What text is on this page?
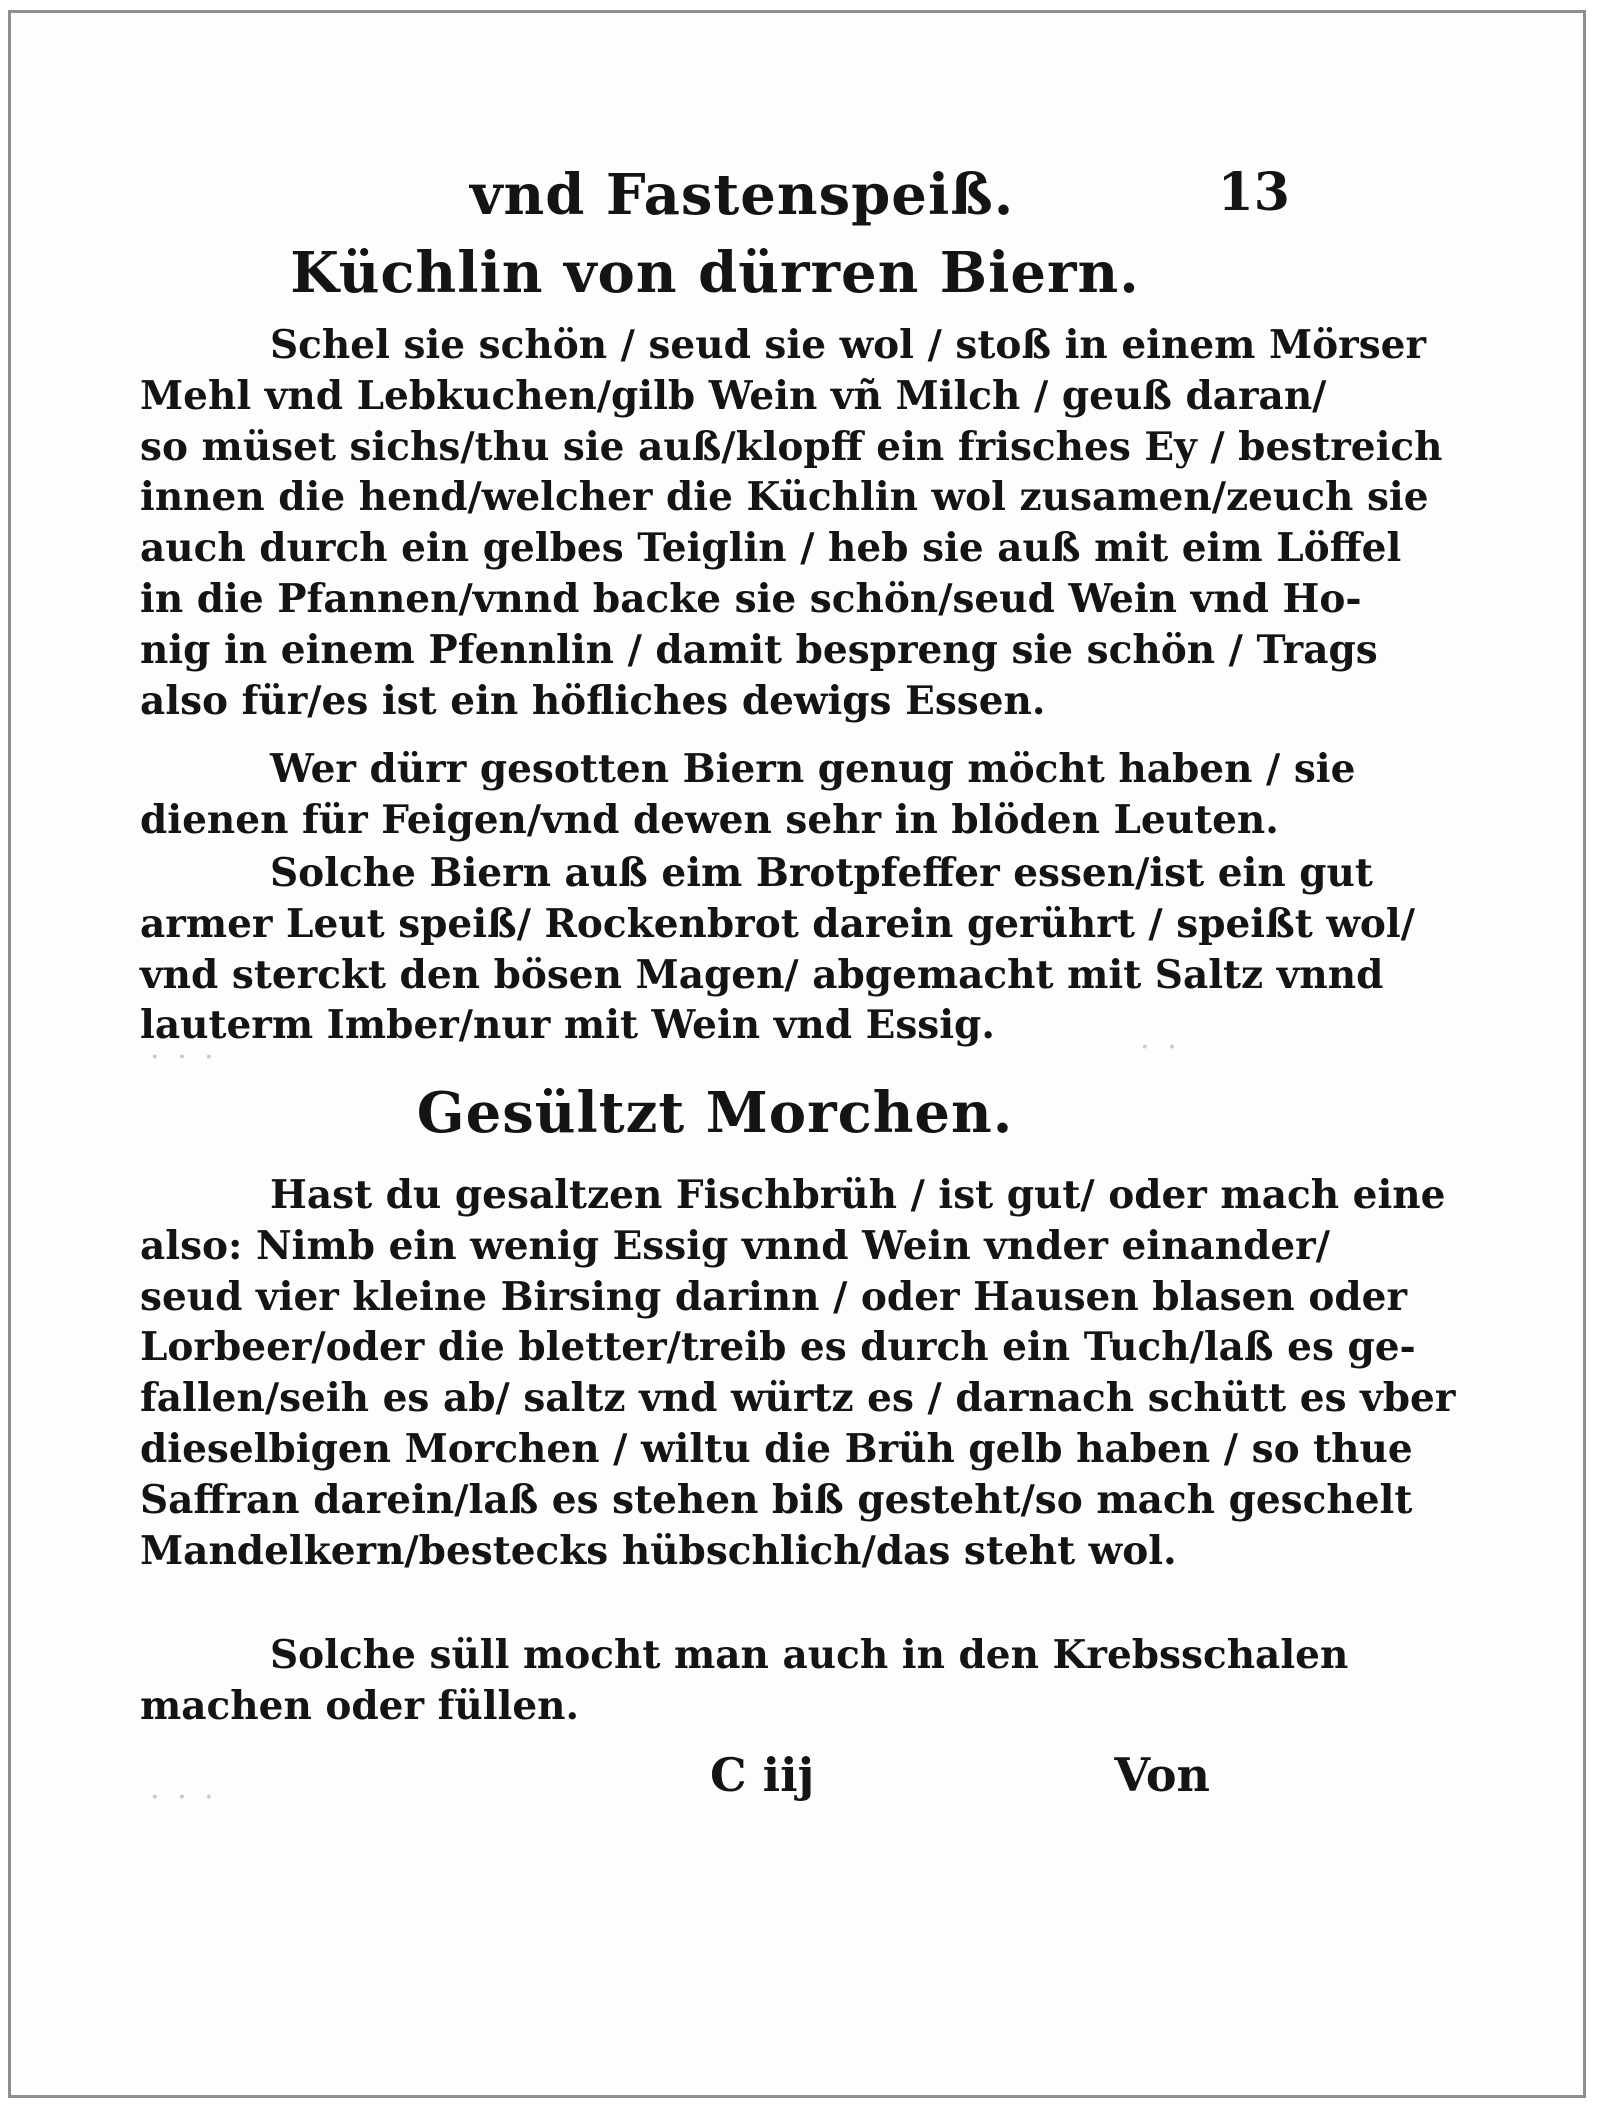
· · ·	· ·
· · ·
vnd Fastenspeiß.	13
Küchlin von dürren Biern.
Schel sie schön / seud sie wol / stoß in einem Mörser
Mehl vnd Lebkuchen/gilb Wein vñ Milch / geuß daran/
so müset sichs/thu sie auß/klopff ein frisches Ey / bestreich
innen die hend/welcher die Küchlin wol zusamen/zeuch sie
auch durch ein gelbes Teiglin / heb sie auß mit eim Löffel
in die Pfannen/vnnd backe sie schön/seud Wein vnd Ho-
nig in einem Pfennlin / damit bespreng sie schön / Trags
also für/es ist ein höfliches dewigs Essen.
Wer dürr gesotten Biern genug möcht haben / sie
dienen für Feigen/vnd dewen sehr in blöden Leuten.
Solche Biern auß eim Brotpfeffer essen/ist ein gut
armer Leut speiß/ Rockenbrot darein gerührt / speißt wol/
vnd sterckt den bösen Magen/ abgemacht mit Saltz vnnd
lauterm Imber/nur mit Wein vnd Essig.
Gesültzt Morchen.
Hast du gesaltzen Fischbrüh / ist gut/ oder mach eine
also: Nimb ein wenig Essig vnnd Wein vnder einander/
seud vier kleine Birsing darinn / oder Hausen blasen oder
Lorbeer/oder die bletter/treib es durch ein Tuch/laß es ge-
fallen/seih es ab/ saltz vnd würtz es / darnach schütt es vber
dieselbigen Morchen / wiltu die Brüh gelb haben / so thue
Saffran darein/laß es stehen biß gesteht/so mach geschelt
Mandelkern/bestecks hübschlich/das steht wol.
Solche süll mocht man auch in den Krebsschalen
machen oder füllen.
C iij	Von
